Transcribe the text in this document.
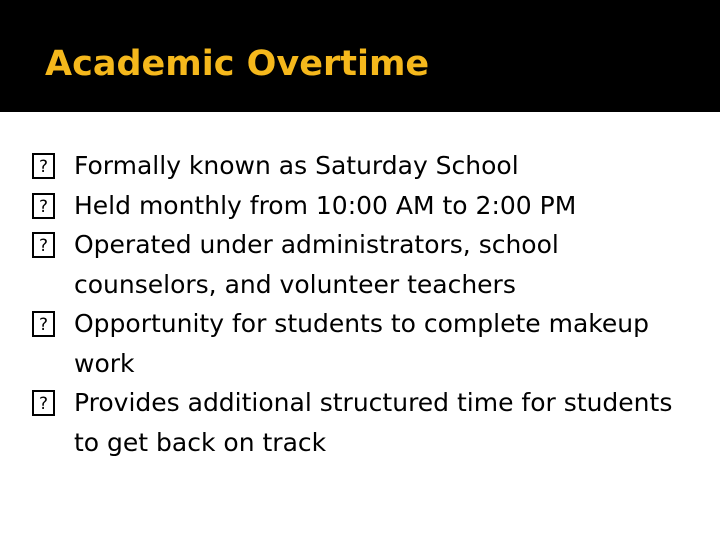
Academic Overtime
? Formally known as Saturday School
? Held monthly from 10:00 AM to 2:00 PM
? Operated under administrators, school counselors, and volunteer teachers
? Opportunity for students to complete makeup work
? Provides additional structured time for students to get back on track
